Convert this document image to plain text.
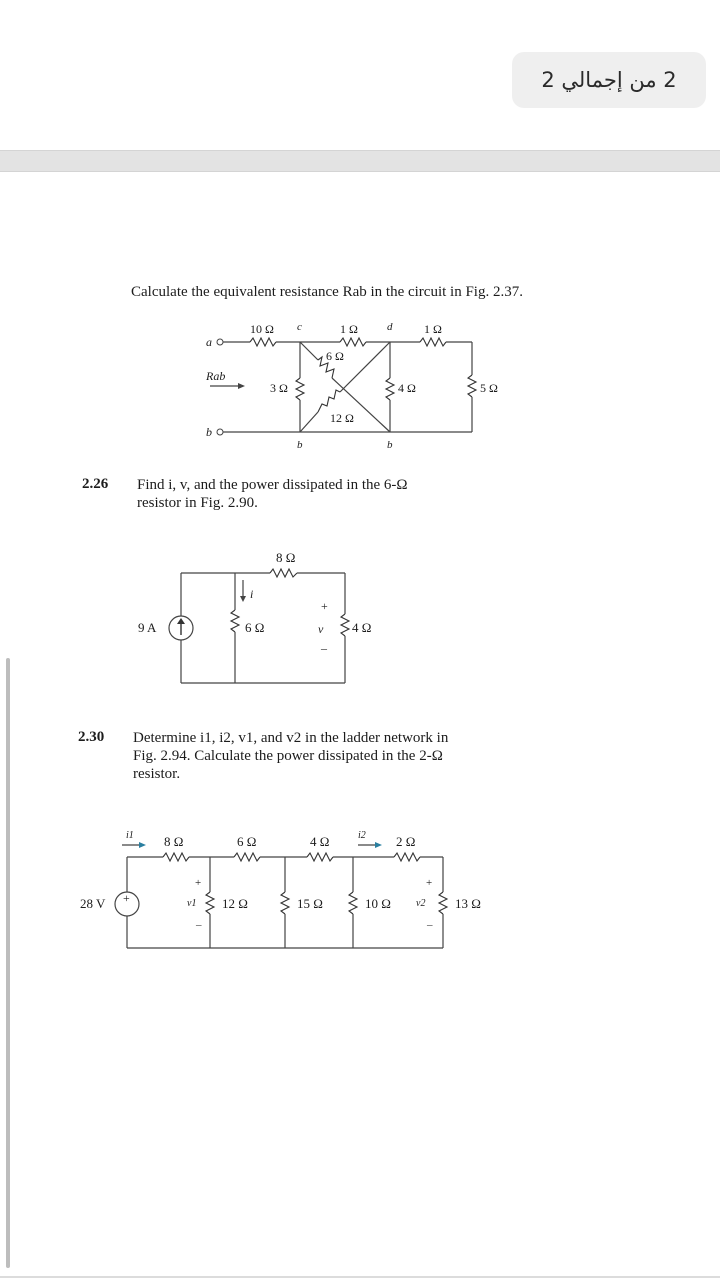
2 من إجمالي 2
Calculate the equivalent resistance Rab in the circuit in Fig. 2.37.
10 Ω	1 Ω	1 Ω
6 Ω
3 Ω	4 Ω	5 Ω
12 Ω
a
b
c	d
b	b
Rab
2.26 Find i, v, and the power dissipated in the 6-Ω
resistor in Fig. 2.90.
8 Ω
6 Ω	4 Ω
9 A
i
v
+
–
2.30 Determine i1, i2, v1, and v2 in the ladder network in
Fig. 2.94. Calculate the power dissipated in the 2-Ω
resistor.
+
8 Ω	6 Ω	4 Ω	2 Ω
12 Ω	15 Ω	10 Ω	13 Ω
28 V
i1	i2
v1	v2
+
–
+
–
